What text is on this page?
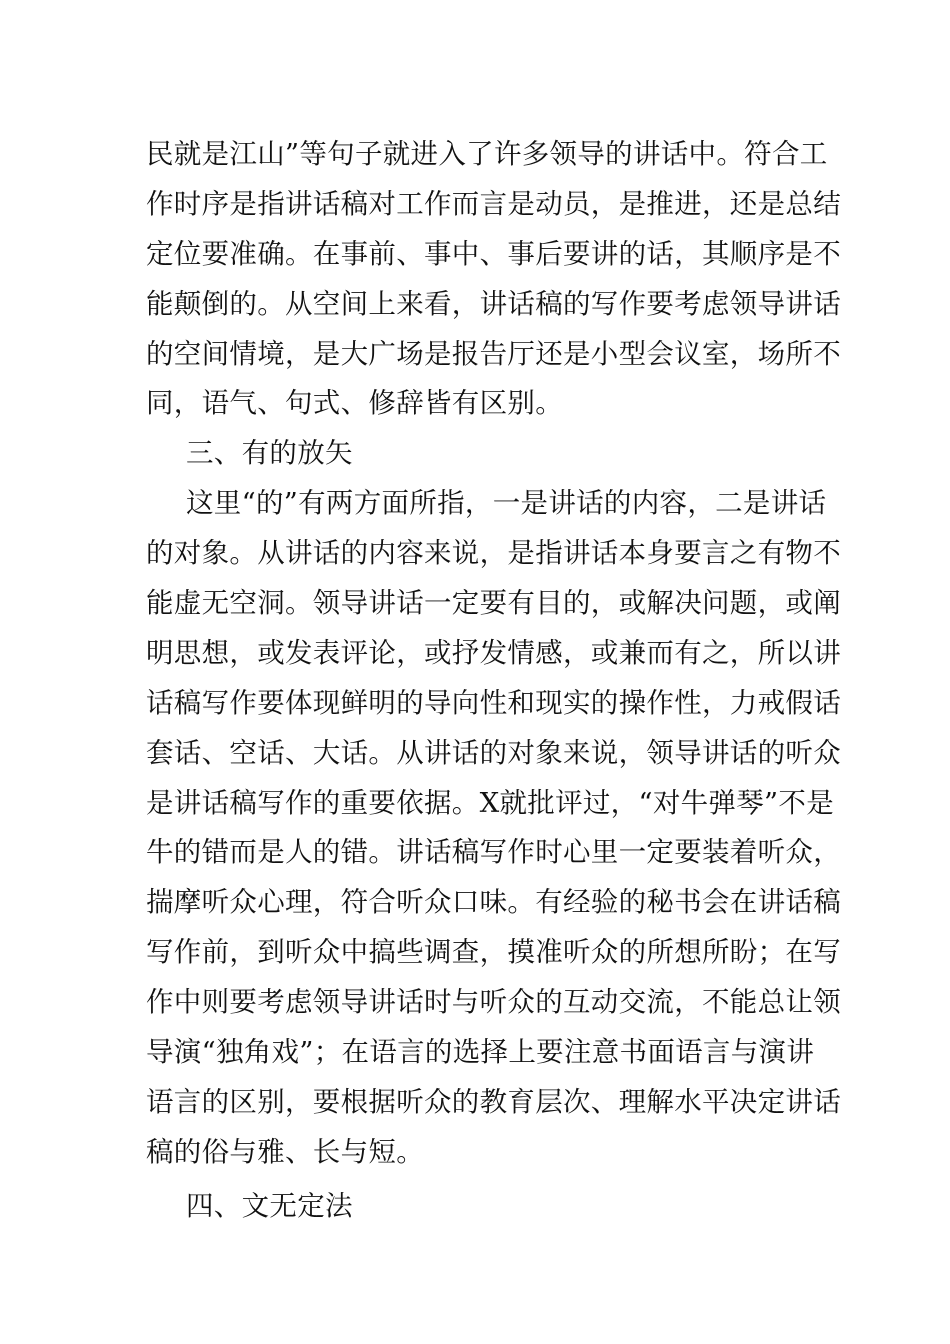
民就是江山”等句子就进入了许多领导的讲话中。符合工
作时序是指讲话稿对工作而言是动员，是推进，还是总结
定位要准确。在事前、事中、事后要讲的话，其顺序是不
能颠倒的。从空间上来看，讲话稿的写作要考虑领导讲话
的空间情境，是大广场是报告厅还是小型会议室，场所不
同，语气、句式、修辞皆有区别。
三、有的放矢
这里“的”有两方面所指，一是讲话的内容，二是讲话
的对象。从讲话的内容来说，是指讲话本身要言之有物不
能虚无空洞。领导讲话一定要有目的，或解决问题，或阐
明思想，或发表评论，或抒发情感，或兼而有之，所以讲
话稿写作要体现鲜明的导向性和现实的操作性，力戒假话
套话、空话、大话。从讲话的对象来说，领导讲话的听众
是讲话稿写作的重要依据。X就批评过，“对牛弹琴”不是
牛的错而是人的错。讲话稿写作时心里一定要装着听众，
揣摩听众心理，符合听众口味。有经验的秘书会在讲话稿
写作前，到听众中搞些调查，摸准听众的所想所盼；在写
作中则要考虑领导讲话时与听众的互动交流，不能总让领
导演“独角戏”；在语言的选择上要注意书面语言与演讲
语言的区别，要根据听众的教育层次、理解水平决定讲话
稿的俗与雅、长与短。
四、文无定法
